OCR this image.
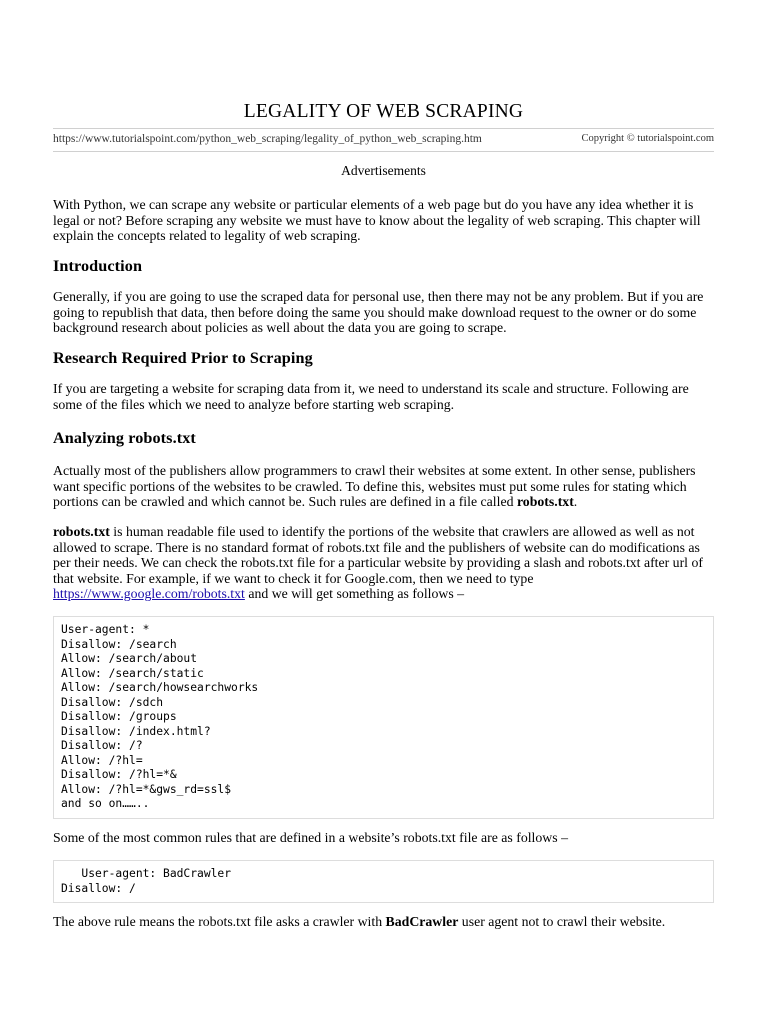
LEGALITY OF WEB SCRAPING
https://www.tutorialspoint.com/python_web_scraping/legality_of_python_web_scraping.htm	Copyright © tutorialspoint.com
Advertisements

With Python, we can scrape any website or particular elements of a web page but do you have any idea whether it is legal or not? Before scraping any website we must have to know about the legality of web scraping. This chapter will explain the concepts related to legality of web scraping.

Introduction

Generally, if you are going to use the scraped data for personal use, then there may not be any problem. But if you are going to republish that data, then before doing the same you should make download request to the owner or do some background research about policies as well about the data you are going to scrape.

Research Required Prior to Scraping

If you are targeting a website for scraping data from it, we need to understand its scale and structure. Following are some of the files which we need to analyze before starting web scraping.

Analyzing robots.txt

Actually most of the publishers allow programmers to crawl their websites at some extent. In other sense, publishers want specific portions of the websites to be crawled. To define this, websites must put some rules for stating which portions can be crawled and which cannot be. Such rules are defined in a file called robots.txt.

robots.txt is human readable file used to identify the portions of the website that crawlers are allowed as well as not allowed to scrape. There is no standard format of robots.txt file and the publishers of website can do modifications as per their needs. We can check the robots.txt file for a particular website by providing a slash and robots.txt after url of that website. For example, if we want to check it for Google.com, then we need to type https://www.google.com/robots.txt and we will get something as follows –

User-agent: *
Disallow: /search
Allow: /search/about
Allow: /search/static
Allow: /search/howsearchworks
Disallow: /sdch
Disallow: /groups
Disallow: /index.html?
Disallow: /?
Allow: /?hl=
Disallow: /?hl=*&
Allow: /?hl=*&gws_rd=ssl$
and so on……..

Some of the most common rules that are defined in a website’s robots.txt file are as follows –

User-agent: BadCrawler
Disallow: /

The above rule means the robots.txt file asks a crawler with BadCrawler user agent not to crawl their website.
